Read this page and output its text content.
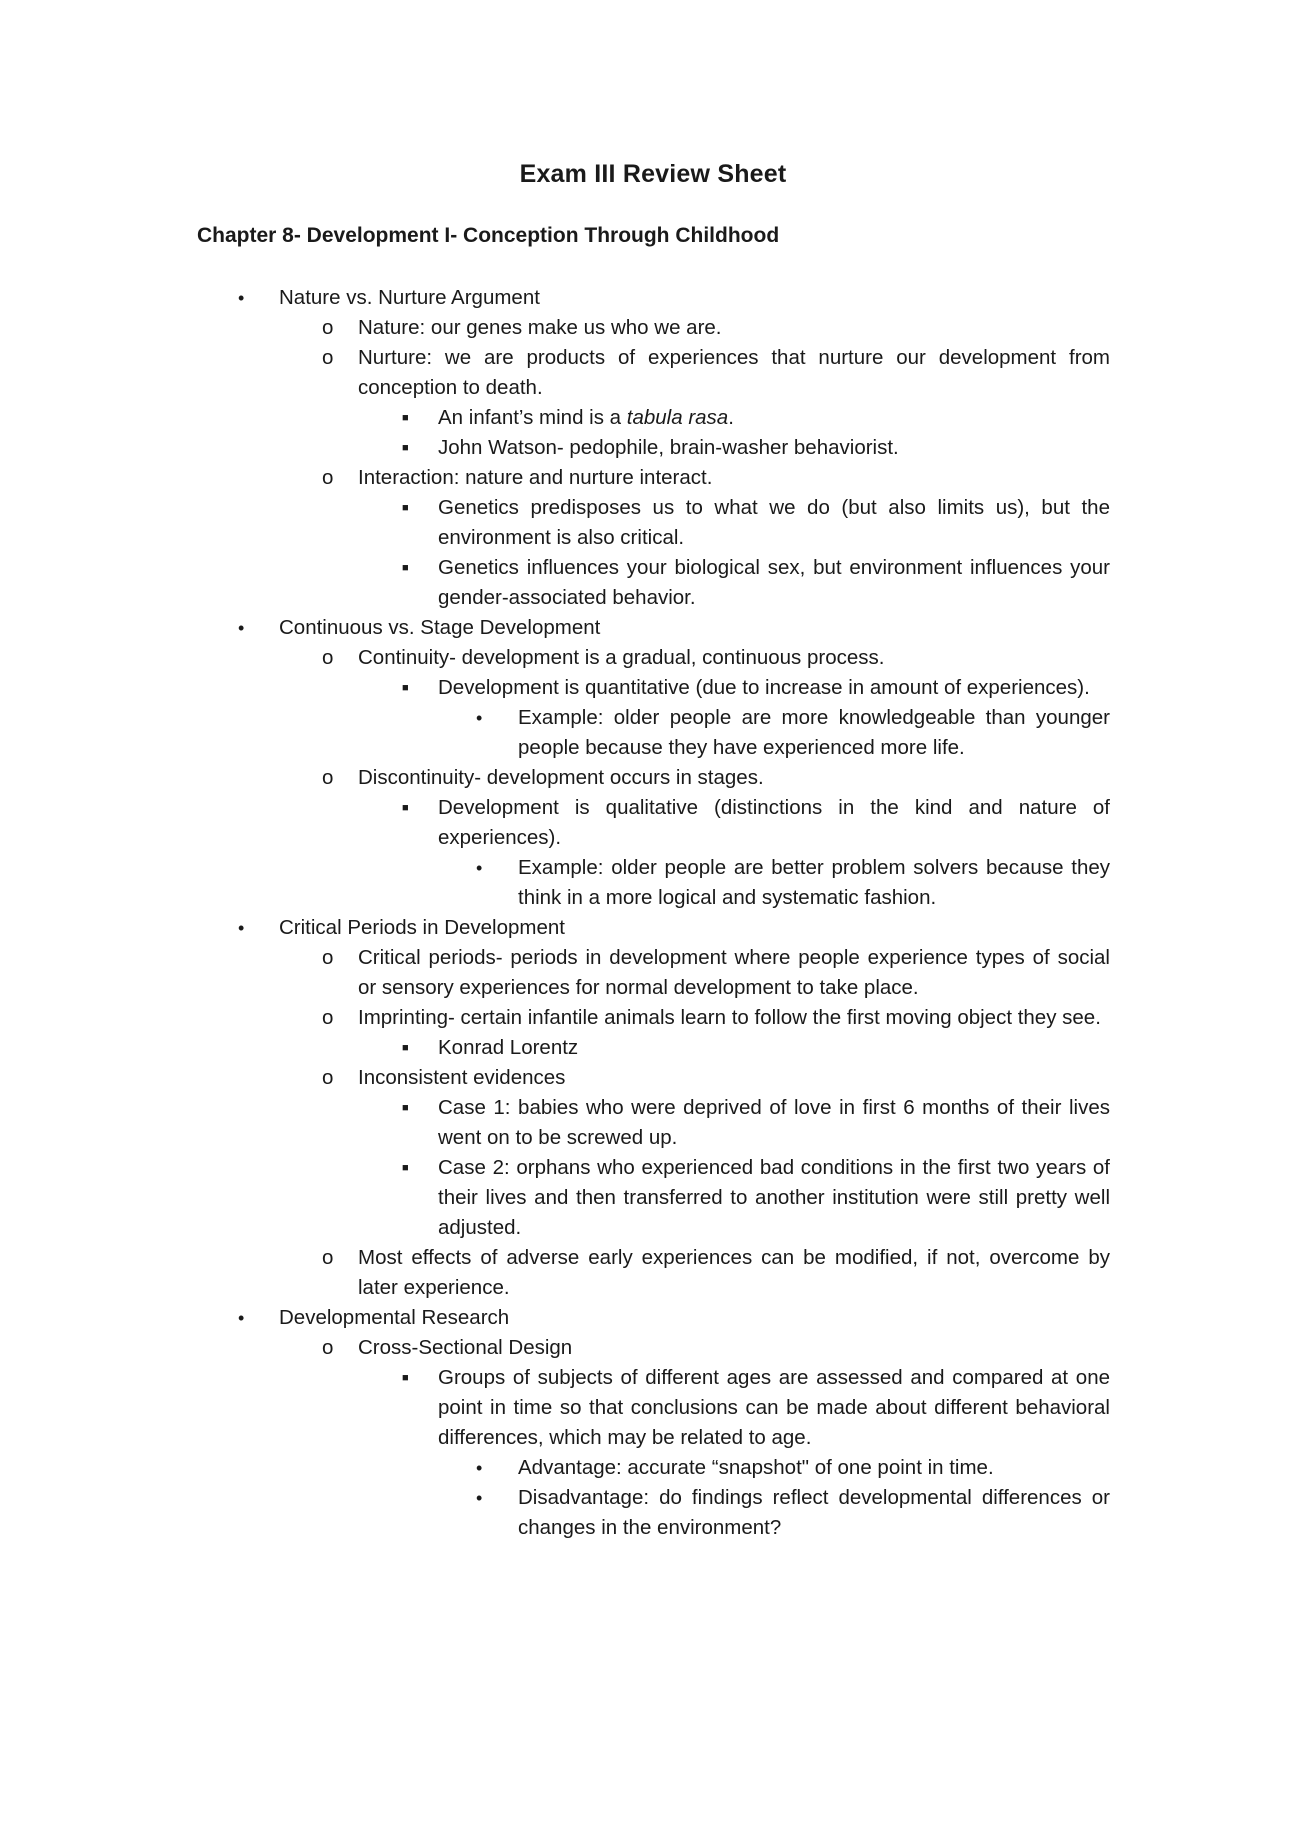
Exam III Review Sheet
Chapter 8- Development I- Conception Through Childhood
• Nature vs. Nurture Argument
o Nature: our genes make us who we are.
o Nurture: we are products of experiences that nurture our development from conception to death.
■ An infant’s mind is a tabula rasa.
■ John Watson- pedophile, brain-washer behaviorist.
o Interaction: nature and nurture interact.
■ Genetics predisposes us to what we do (but also limits us), but the environment is also critical.
■ Genetics influences your biological sex, but environment influences your gender-associated behavior.
• Continuous vs. Stage Development
o Continuity- development is a gradual, continuous process.
■ Development is quantitative (due to increase in amount of experiences).
• Example: older people are more knowledgeable than younger people because they have experienced more life.
o Discontinuity- development occurs in stages.
■ Development is qualitative (distinctions in the kind and nature of experiences).
• Example: older people are better problem solvers because they think in a more logical and systematic fashion.
• Critical Periods in Development
o Critical periods- periods in development where people experience types of social or sensory experiences for normal development to take place.
o Imprinting- certain infantile animals learn to follow the first moving object they see.
■ Konrad Lorentz
o Inconsistent evidences
■ Case 1: babies who were deprived of love in first 6 months of their lives went on to be screwed up.
■ Case 2: orphans who experienced bad conditions in the first two years of their lives and then transferred to another institution were still pretty well adjusted.
o Most effects of adverse early experiences can be modified, if not, overcome by later experience.
• Developmental Research
o Cross-Sectional Design
■ Groups of subjects of different ages are assessed and compared at one point in time so that conclusions can be made about different behavioral differences, which may be related to age.
• Advantage: accurate “snapshot" of one point in time.
• Disadvantage: do findings reflect developmental differences or changes in the environment?
